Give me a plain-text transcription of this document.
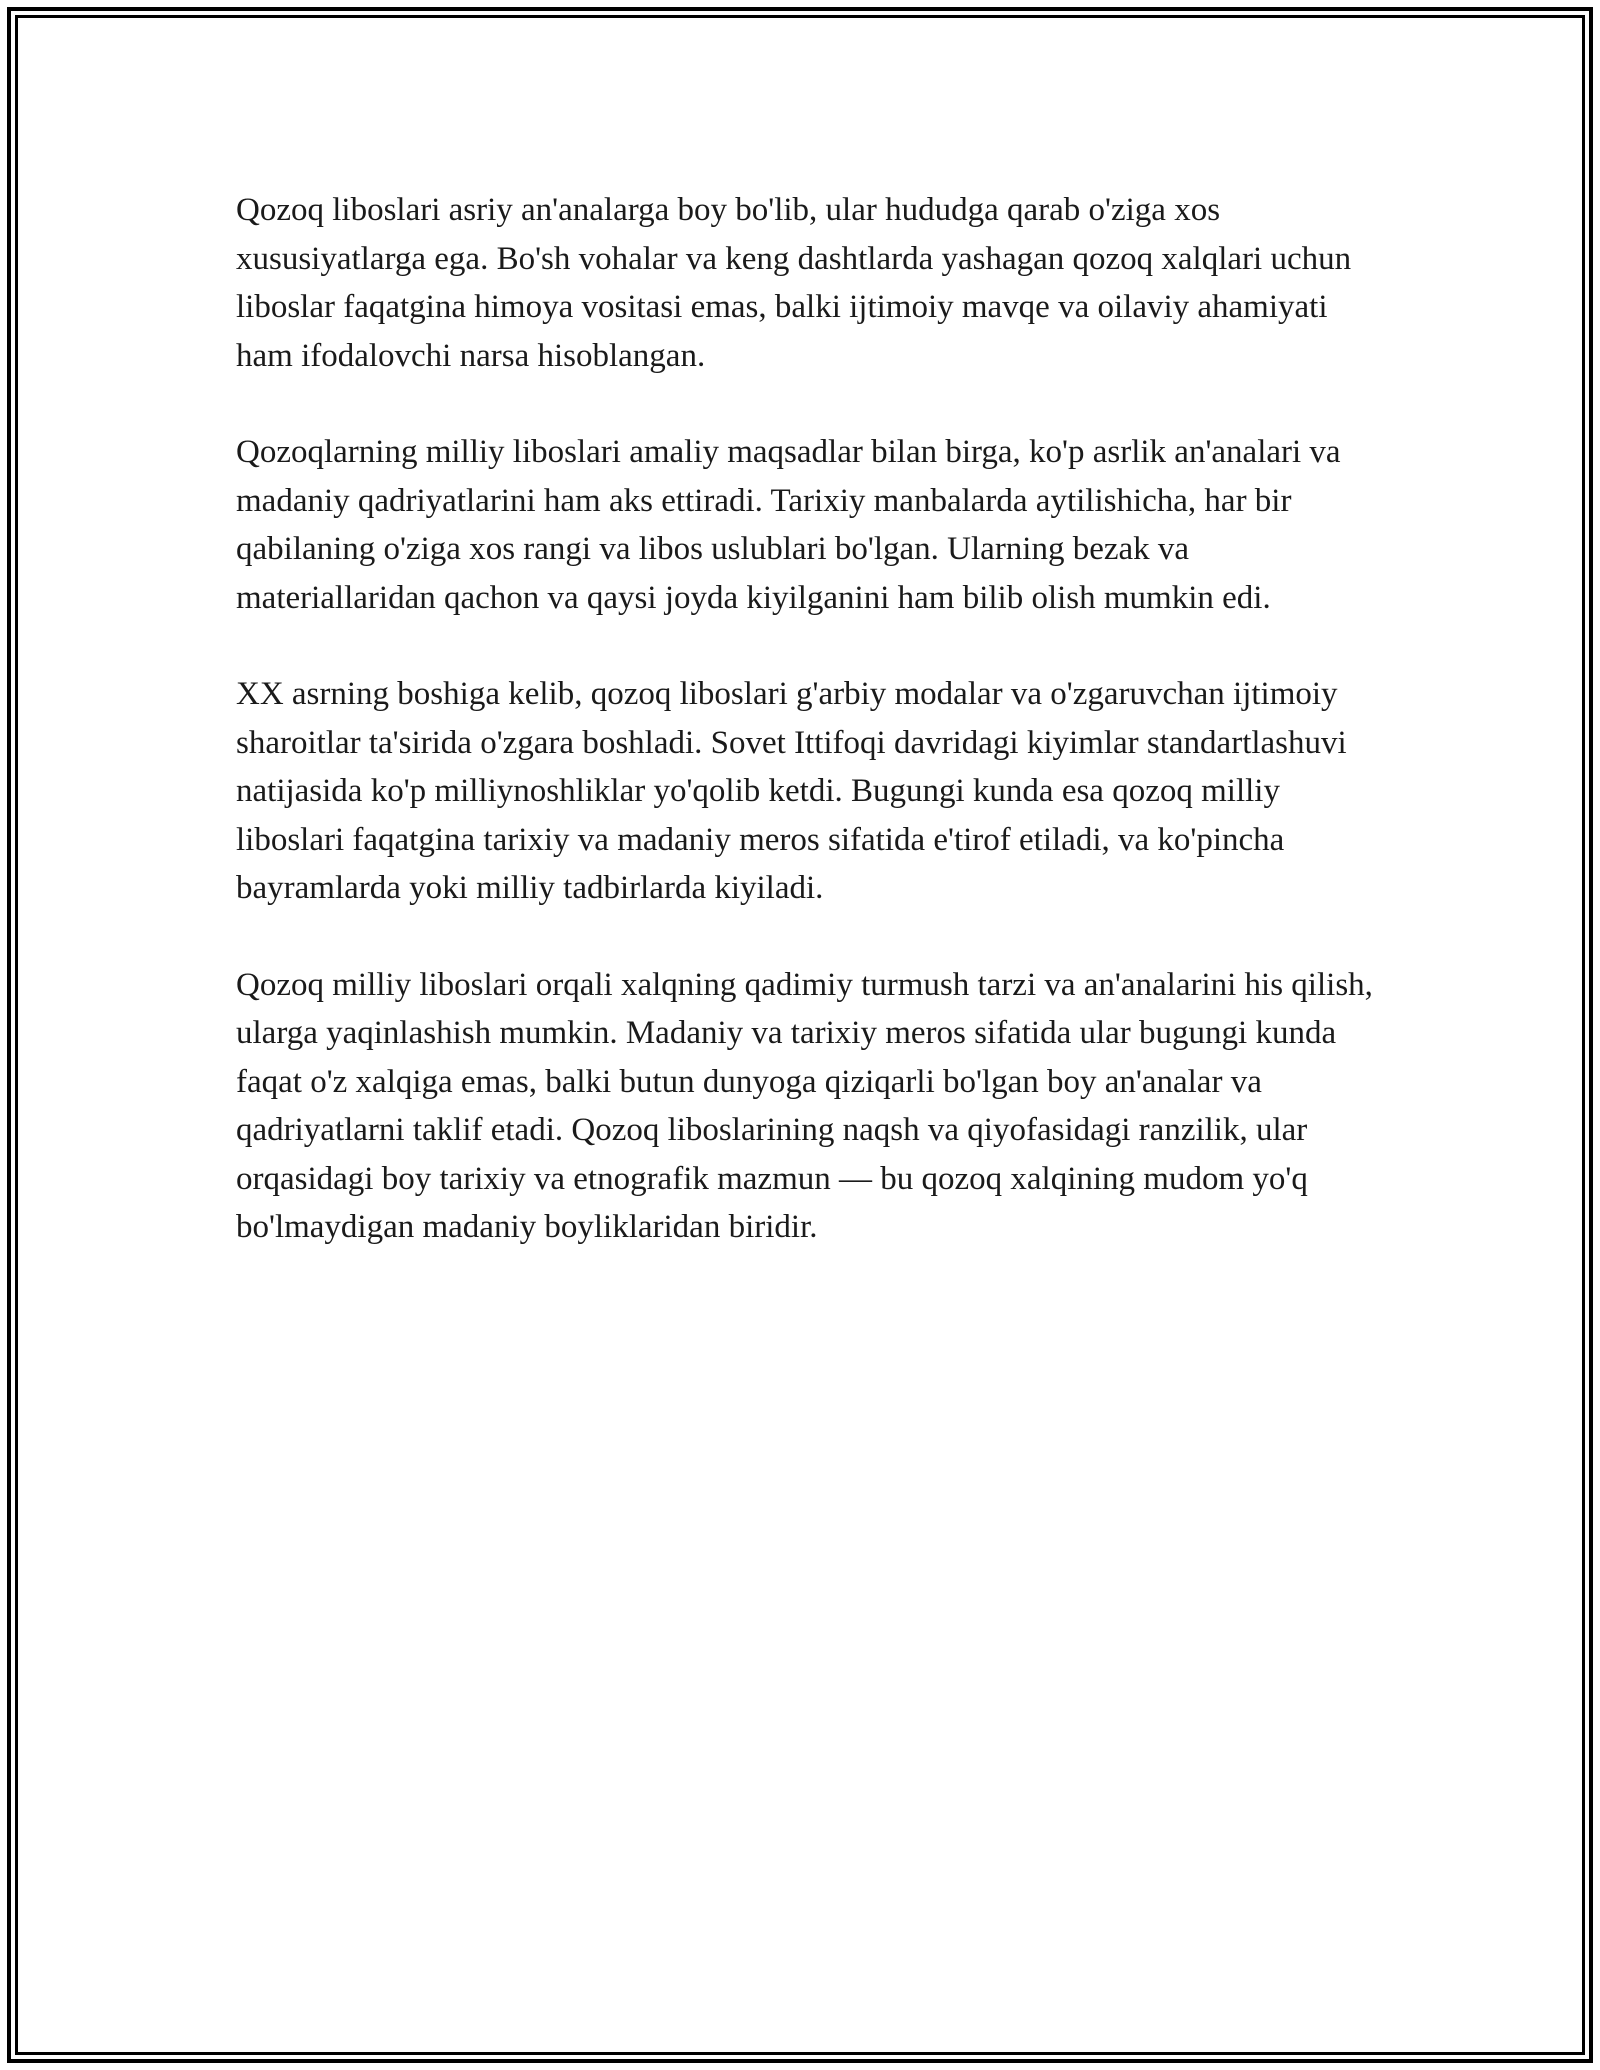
Qozoq liboslari asriy an'analarga boy bo'lib, ular hududga qarab o'ziga xos xususiyatlarga ega. Bo'sh vohalar va keng dashtlarda yashagan qozoq xalqlari uchun liboslar faqatgina himoya vositasi emas, balki ijtimoiy mavqe va oilaviy ahamiyati ham ifodalovchi narsa hisoblangan.

Qozoqlarning milliy liboslari amaliy maqsadlar bilan birga, ko'p asrlik an'analari va madaniy qadriyatlarini ham aks ettiradi. Tarixiy manbalarda aytilishicha, har bir qabilaning o'ziga xos rangi va libos uslublari bo'lgan. Ularning bezak va materiallaridan qachon va qaysi joyda kiyilganini ham bilib olish mumkin edi.

XX asrning boshiga kelib, qozoq liboslari g'arbiy modalar va o'zgaruvchan ijtimoiy sharoitlar ta'sirida o'zgara boshladi. Sovet Ittifoqi davridagi kiyimlar standartlashuvi natijasida ko'p milliynoshliklar yo'qolib ketdi. Bugungi kunda esa qozoq milliy liboslari faqatgina tarixiy va madaniy meros sifatida e'tirof etiladi, va ko'pincha bayramlarda yoki milliy tadbirlarda kiyiladi.

Qozoq milliy liboslari orqali xalqning qadimiy turmush tarzi va an'analarini his qilish, ularga yaqinlashish mumkin. Madaniy va tarixiy meros sifatida ular bugungi kunda faqat o'z xalqiga emas, balki butun dunyoga qiziqarli bo'lgan boy an'analar va qadriyatlarni taklif etadi. Qozoq liboslarining naqsh va qiyofasidagi ranzilik, ular orqasidagi boy tarixiy va etnografik mazmun — bu qozoq xalqining mudom yo'q bo'lmaydigan madaniy boyliklaridan biridir.
